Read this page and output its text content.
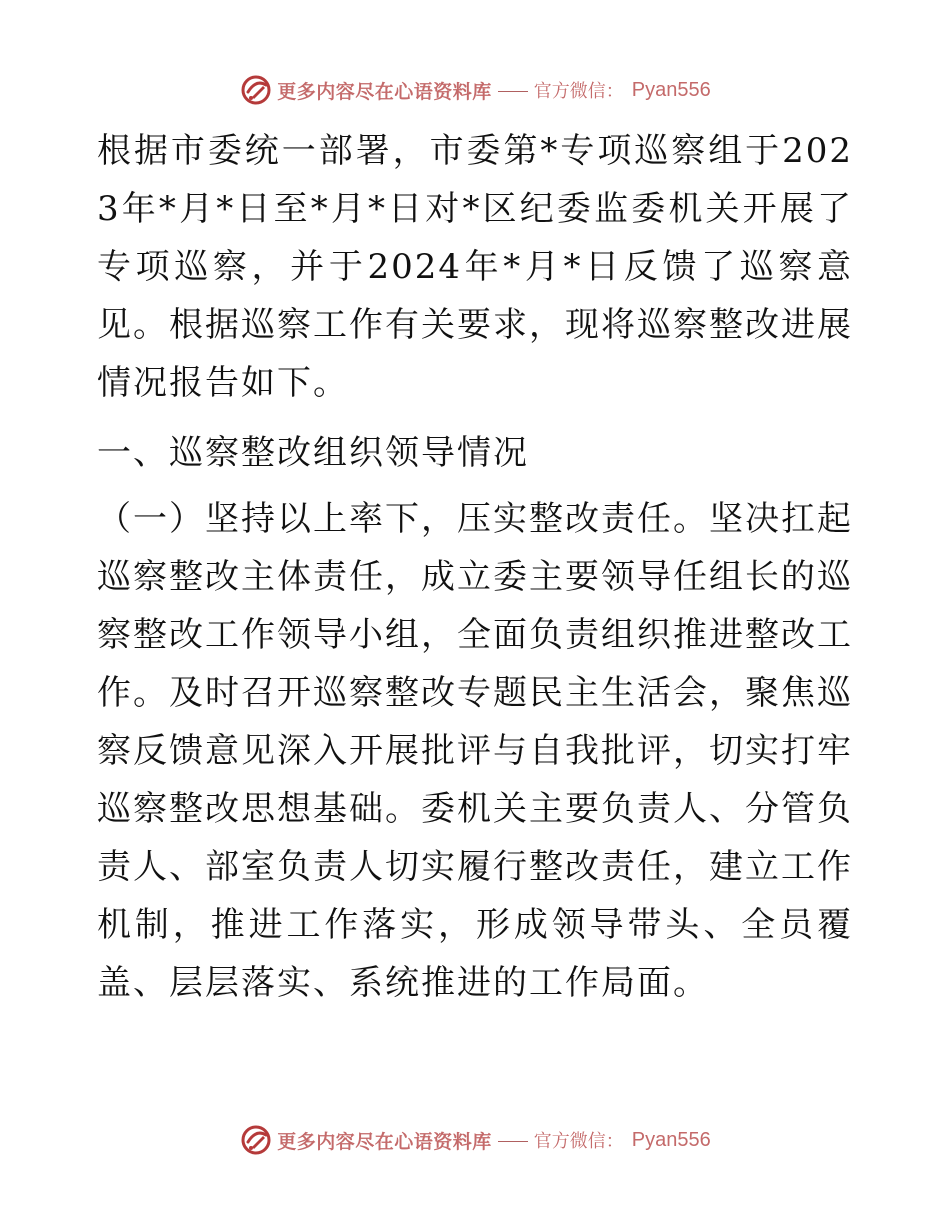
更多内容尽在心语资料库 官方微信： Pyan556

根据市委统一部署，市委第*专项巡察组于2023年*月*日至*月*日对*区纪委监委机关开展了专项巡察，并于2024年*月*日反馈了巡察意见。根据巡察工作有关要求，现将巡察整改进展情况报告如下。

一、巡察整改组织领导情况

（一）坚持以上率下，压实整改责任。坚决扛起巡察整改主体责任，成立委主要领导任组长的巡察整改工作领导小组，全面负责组织推进整改工作。及时召开巡察整改专题民主生活会，聚焦巡察反馈意见深入开展批评与自我批评，切实打牢巡察整改思想基础。委机关主要负责人、分管负责人、部室负责人切实履行整改责任，建立工作机制，推进工作落实，形成领导带头、全员覆盖、层层落实、系统推进的工作局面。

更多内容尽在心语资料库 官方微信： Pyan556
